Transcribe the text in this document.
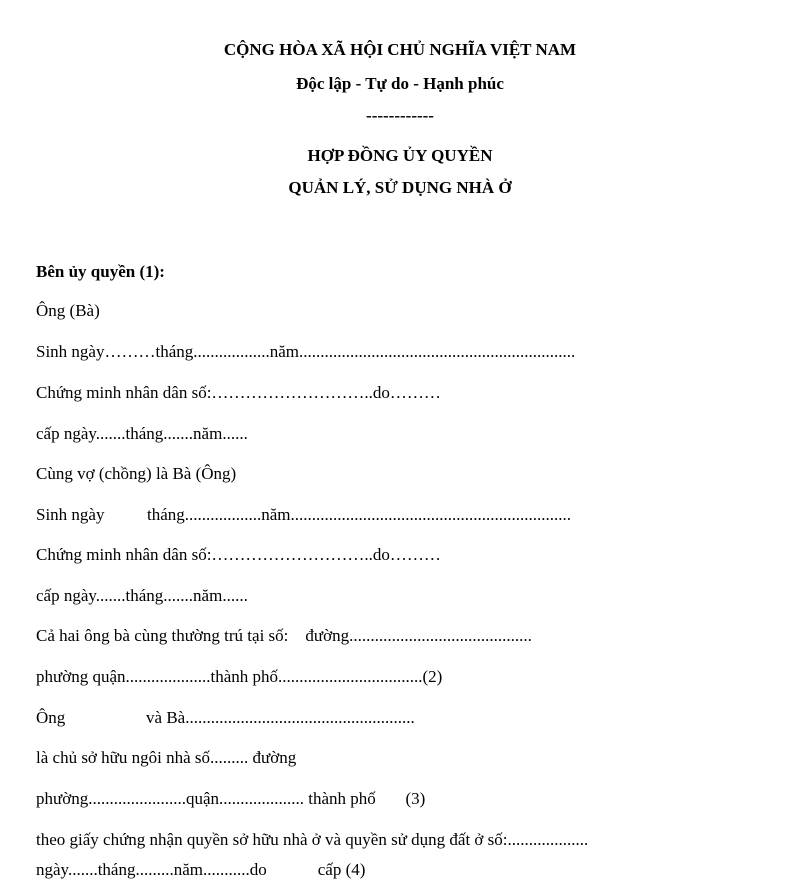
CỘNG HÒA XÃ HỘI CHỦ NGHĨA VIỆT NAM
Độc lập - Tự do - Hạnh phúc
------------
HỢP ĐỒNG ỦY QUYỀN
QUẢN LÝ, SỬ DỤNG NHÀ Ở
Bên ủy quyền (1):
Ông (Bà)
Sinh ngày………tháng..................năm.................................................................
Chứng minh nhân dân số:………………………..do………
cấp ngày.......tháng.......năm......
Cùng vợ (chồng) là Bà (Ông)
Sinh ngày          tháng..................năm..................................................................
Chứng minh nhân dân số:………………………..do………
cấp ngày.......tháng.......năm......
Cả hai ông bà cùng thường trú tại số:    đường...........................................
phường quận....................thành phố..................................(2)
Ông                   và Bà......................................................
là chủ sở hữu ngôi nhà số......... đường
phường.......................quận.................... thành phố       (3)
theo giấy chứng nhận quyền sở hữu nhà ở và quyền sử dụng đất ở số:...................
ngày.......tháng.........năm...........do            cấp (4)
